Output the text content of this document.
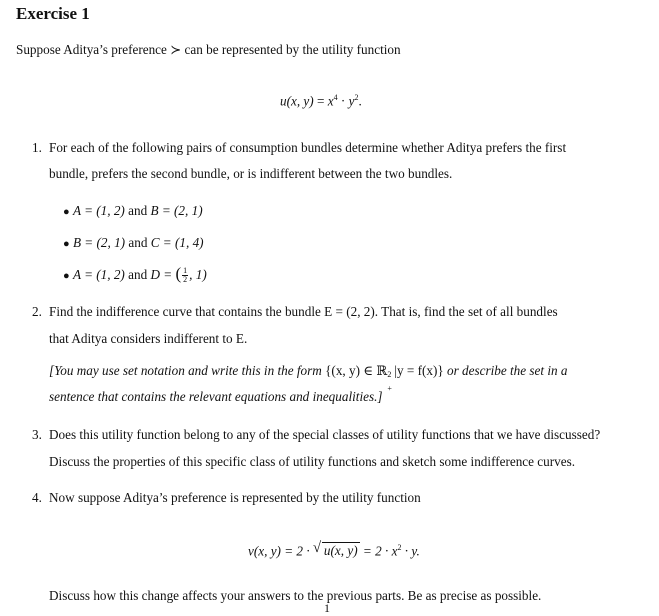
Exercise 1
Suppose Aditya’s preference ≻ can be represented by the utility function
u(x, $y) = x^4 \cdot y^2$.
1. For each of the following pairs of consumption bundles determine whether Aditya prefers the first
bundle, prefers the second bundle, or is indifferent between the two bundles.
● A = (1, 2) and B = (2, 1)
● B = (2, 1) and C = (1, 4)
● A = (1, 2) and D = ( $\frac{1}{2}$ , 1)
2. Find the indifference curve that contains the bundle E = (2, 2). That is, find the set of all bundles
that Aditya considers indifferent to E.
[You may use set notation and write this in the form {(x, y) ∈ ℝ 2
+
|y = f(x)} or describe the set in a
sentence that contains the relevant equations and inequalities.]
3. Does this utility function belong to any of the special classes of utility functions that we have discussed?
Discuss the properties of this specific class of utility functions and sketch some indifference curves.
4. Now suppose Aditya’s preference is represented by the utility function
v(x, y) = 2 · √ u(x, $y) = 2 \cdot x^2 \cdot y$.
Discuss how this change affects your answers to the previous parts. Be as precise as possible.
1
